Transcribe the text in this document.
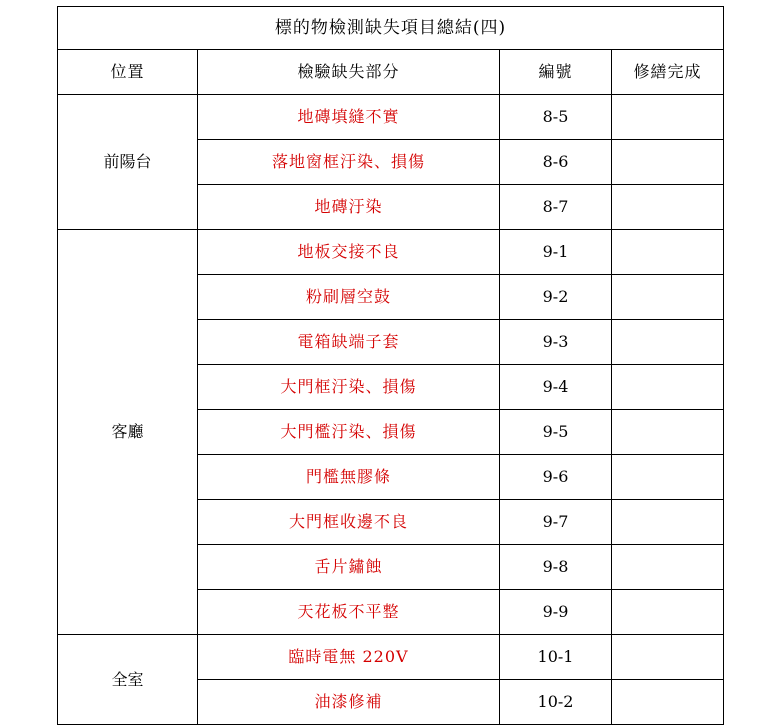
標的物檢測缺失項目總結(四)			
位置	檢驗缺失部分	編號	修繕完成
前陽台	地磚填縫不實	8-5	
	落地窗框汙染、損傷	8-6	
	地磚汙染	8-7	
客廳	地板交接不良	9-1	
	粉刷層空鼓	9-2	
	電箱缺端子套	9-3	
	大門框汙染、損傷	9-4	
	大門檻汙染、損傷	9-5	
	門檻無膠條	9-6	
	大門框收邊不良	9-7	
	舌片鏽蝕	9-8	
	天花板不平整	9-9	
全室	臨時電無 220V	10-1	
	油漆修補	10-2	
